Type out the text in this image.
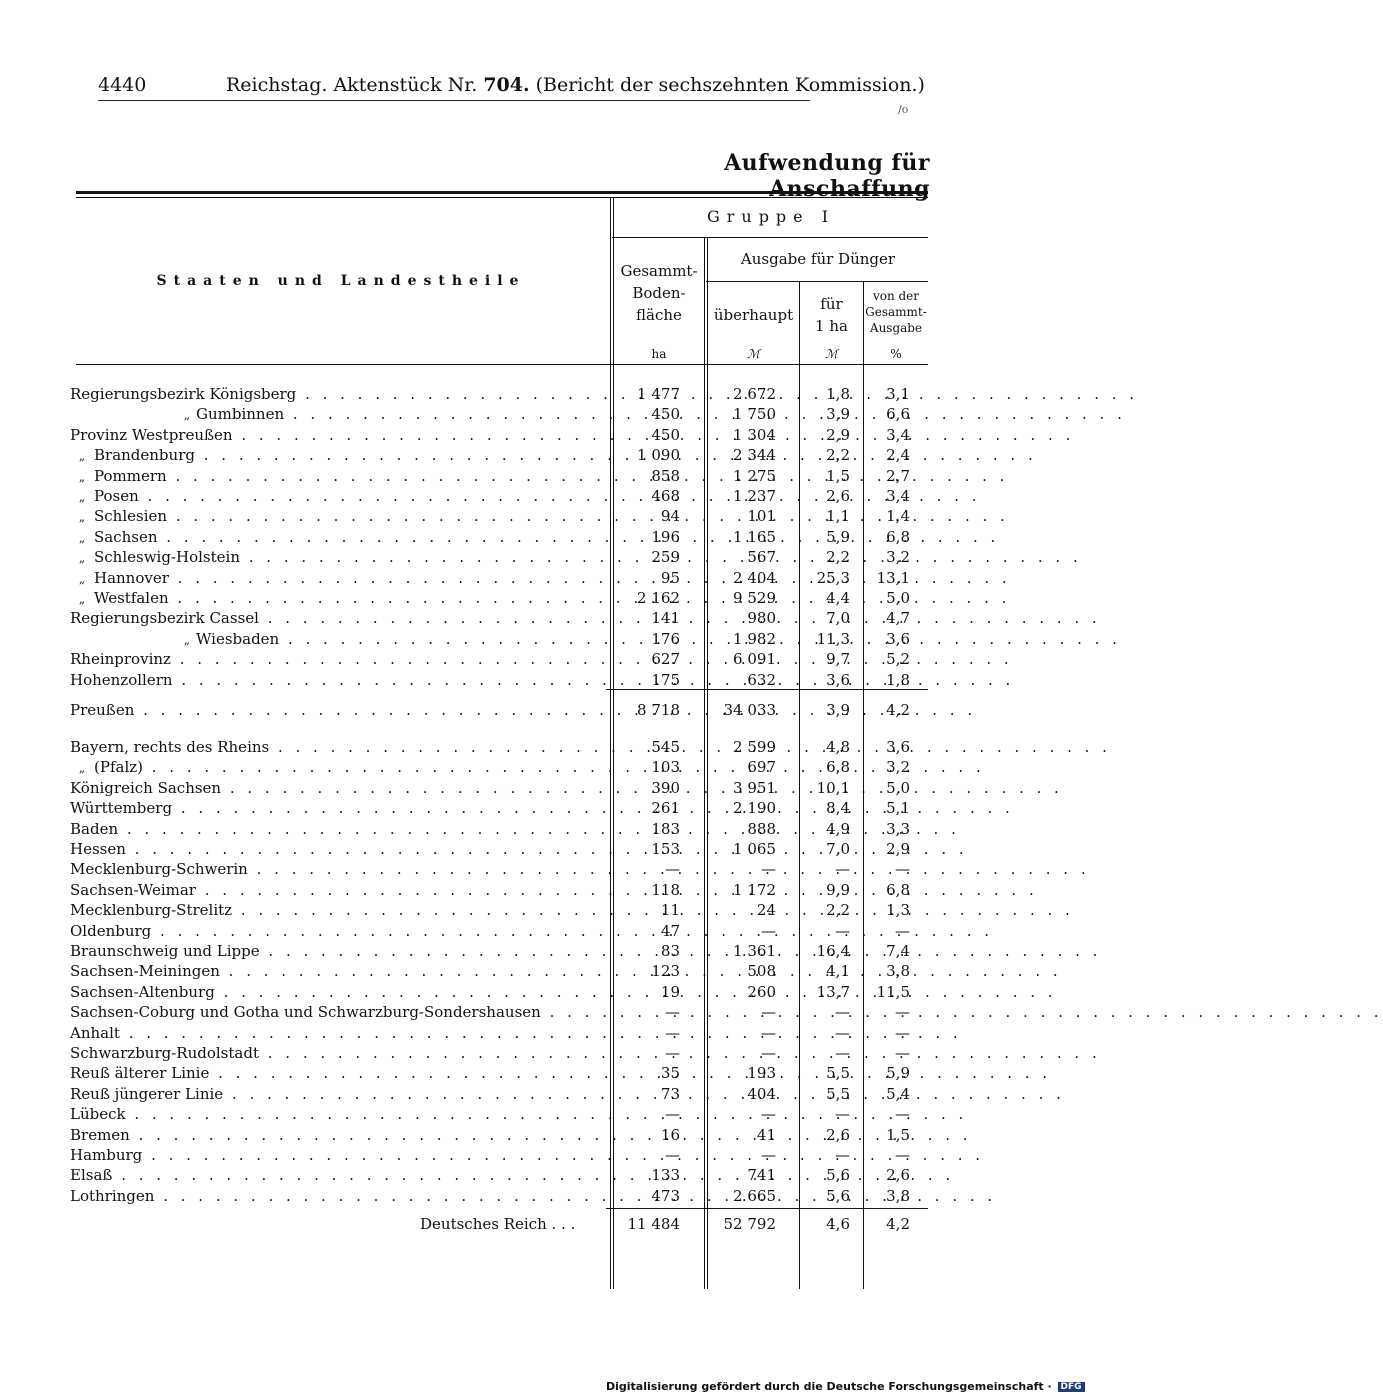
4440	Reichstag. Aktenstück Nr. 704. (Bericht der sechszehnten Kommission.)
/o
Aufwendung für Anschaffung
Staaten und Landestheile
Gruppe I
Gesammt-
Boden-
fläche
ha
Ausgabe für Dünger
überhaupt
ℳ
für
1 ha
ℳ
von der
Gesammt-
Ausgabe
%
Regierungsbezirk Königsberg . . .	1 477	2 672	1,8	3,1
„ Gumbinnen . . .	450	1 750	3,9	6,6
Provinz Westpreußen . . .	450	1 304	2,9	3,4
„ Brandenburg . . .	1 090	2 344	2,2	2,4
„ Pommern . . .	858	1 275	1,5	2,7
„ Posen . . .	468	1 237	2,6	3,4
„ Schlesien . . .	94	101	1,1	1,4
„ Sachsen . . .	196	1 165	5,9	6,8
„ Schleswig-Holstein . . .	259	567	2,2	3,2
„ Hannover . . .	95	2 404	25,3	13,1
„ Westfalen . . .	2 162	9 529	4,4	5,0
Regierungsbezirk Cassel . . .	141	980	7,0	4,7
„ Wiesbaden . . .	176	1 982	11,3	3,6
Rheinprovinz . . .	627	6 091	9,7	5,2
Hohenzollern . . .	175	632	3,6	1,8
Preußen . . .	8 718	34 033	3,9	4,2
Bayern, rechts des Rheins . . .	545	2 599	4,8	3,6
„ (Pfalz) . . .	103	697	6,8	3,2
Königreich Sachsen . . .	390	3 951	10,1	5,0
Württemberg . . .	261	2 190	8,4	5,1
Baden . . .	183	888	4,9	3,3
Hessen . . .	153	1 065	7,0	2,9
Mecklenburg-Schwerin . . .	—	—	—	—
Sachsen-Weimar . . .	118	1 172	9,9	6,8
Mecklenburg-Strelitz . . .	11	24	2,2	1,3
Oldenburg . . .	47	—	—	—
Braunschweig und Lippe . . .	83	1 361	16,4	7,4
Sachsen-Meiningen . . .	123	508	4,1	3,8
Sachsen-Altenburg . . .	19	260	13,7	11,5
Sachsen-Coburg und Gotha und Schwarzburg-Sondershausen . . .	—	—	—	—
Anhalt . . .	—	—	—	—
Schwarzburg-Rudolstadt . . .	—	—	—	—
Reuß älterer Linie . . .	35	193	5,5	5,9
Reuß jüngerer Linie . . .	73	404	5,5	5,4
Lübeck . . .	—	—	—	—
Bremen . . .	16	41	2,6	1,5
Hamburg . . .	—	—	—	—
Elsaß . . .	133	741	5,6	2,6
Lothringen . . .	473	2 665	5,6	3,8
Deutsches Reich . . .	11 484	52 792	4,6	4,2
Digitalisierung gefördert durch die Deutsche Forschungsgemeinschaft · DFG
